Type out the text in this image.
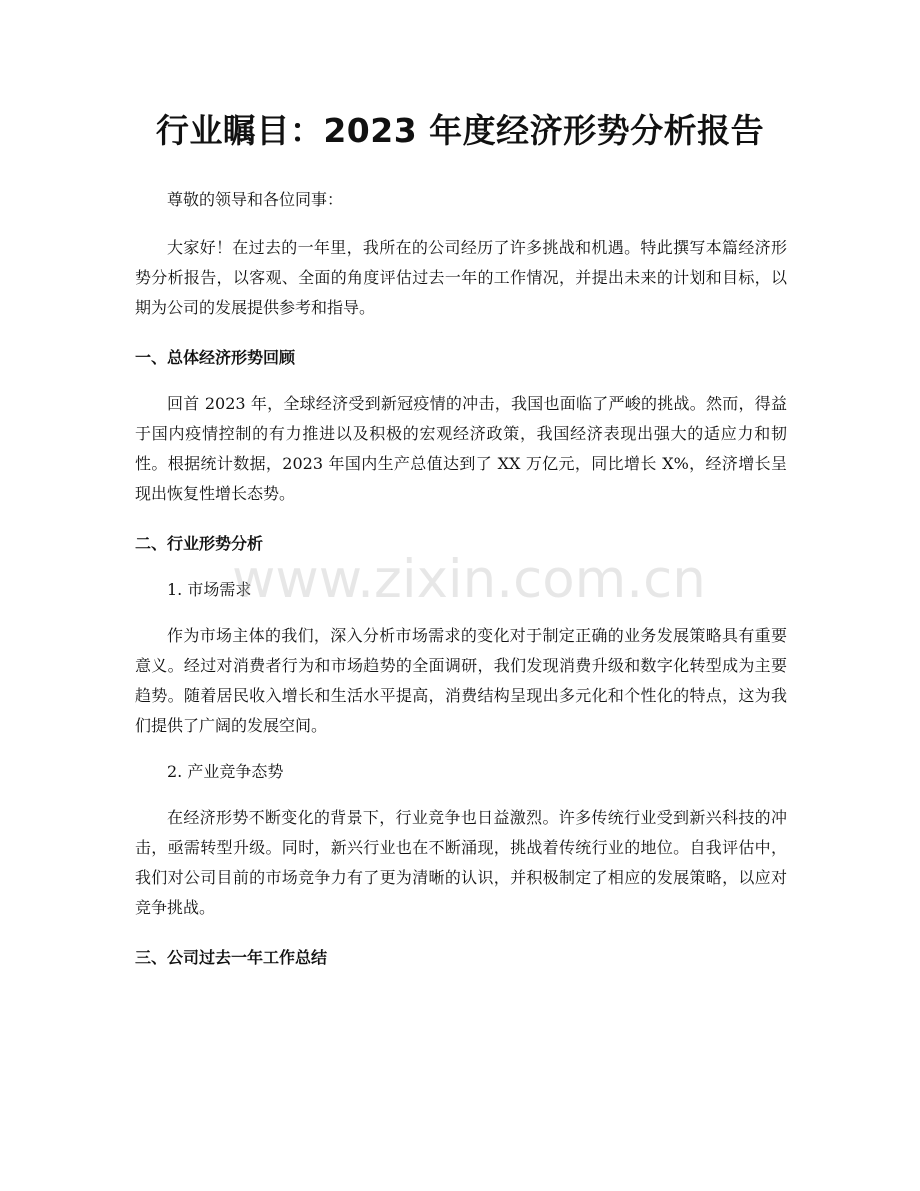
行业瞩目：2023 年度经济形势分析报告

尊敬的领导和各位同事：

大家好！在过去的一年里，我所在的公司经历了许多挑战和机遇。特此撰写本篇经济形势分析报告，以客观、全面的角度评估过去一年的工作情况，并提出未来的计划和目标，以期为公司的发展提供参考和指导。

一、总体经济形势回顾

回首 2023 年，全球经济受到新冠疫情的冲击，我国也面临了严峻的挑战。然而，得益于国内疫情控制的有力推进以及积极的宏观经济政策，我国经济表现出强大的适应力和韧性。根据统计数据，2023 年国内生产总值达到了 XX 万亿元，同比增长 X%，经济增长呈现出恢复性增长态势。

二、行业形势分析

1. 市场需求

作为市场主体的我们，深入分析市场需求的变化对于制定正确的业务发展策略具有重要意义。经过对消费者行为和市场趋势的全面调研，我们发现消费升级和数字化转型成为主要趋势。随着居民收入增长和生活水平提高，消费结构呈现出多元化和个性化的特点，这为我们提供了广阔的发展空间。

2. 产业竞争态势

在经济形势不断变化的背景下，行业竞争也日益激烈。许多传统行业受到新兴科技的冲击，亟需转型升级。同时，新兴行业也在不断涌现，挑战着传统行业的地位。自我评估中，我们对公司目前的市场竞争力有了更为清晰的认识，并积极制定了相应的发展策略，以应对竞争挑战。

三、公司过去一年工作总结
www.zixin.com.cn
